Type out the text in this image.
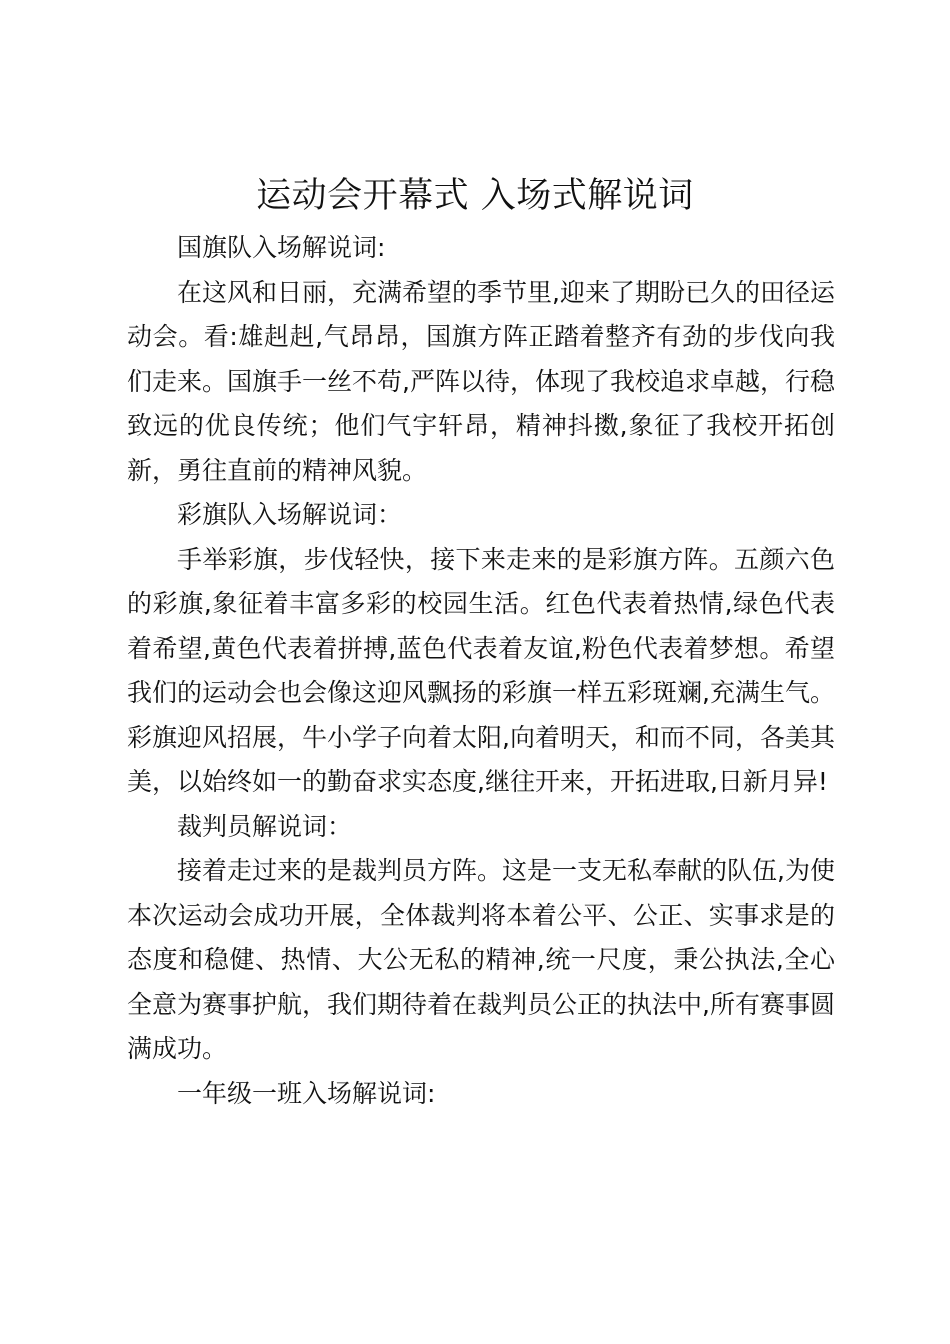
运动会开幕式 入场式解说词

国旗队入场解说词:

在这风和日丽，充满希望的季节里,迎来了期盼已久的田径运动会。看:雄赳赳,气昂昂，国旗方阵正踏着整齐有劲的步伐向我们走来。国旗手一丝不苟,严阵以待，体现了我校追求卓越，行稳致远的优良传统；他们气宇轩昂，精神抖擞,象征了我校开拓创新，勇往直前的精神风貌。

彩旗队入场解说词：

手举彩旗，步伐轻快，接下来走来的是彩旗方阵。五颜六色的彩旗,象征着丰富多彩的校园生活。红色代表着热情,绿色代表着希望,黄色代表着拼搏,蓝色代表着友谊,粉色代表着梦想。希望我们的运动会也会像这迎风飘扬的彩旗一样五彩斑斓,充满生气。彩旗迎风招展，牛小学子向着太阳,向着明天，和而不同，各美其美，以始终如一的勤奋求实态度,继往开来，开拓进取,日新月异!

裁判员解说词：

接着走过来的是裁判员方阵。这是一支无私奉献的队伍,为使本次运动会成功开展，全体裁判将本着公平、公正、实事求是的态度和稳健、热情、大公无私的精神,统一尺度，秉公执法,全心全意为赛事护航，我们期待着在裁判员公正的执法中,所有赛事圆满成功。

一年级一班入场解说词:
